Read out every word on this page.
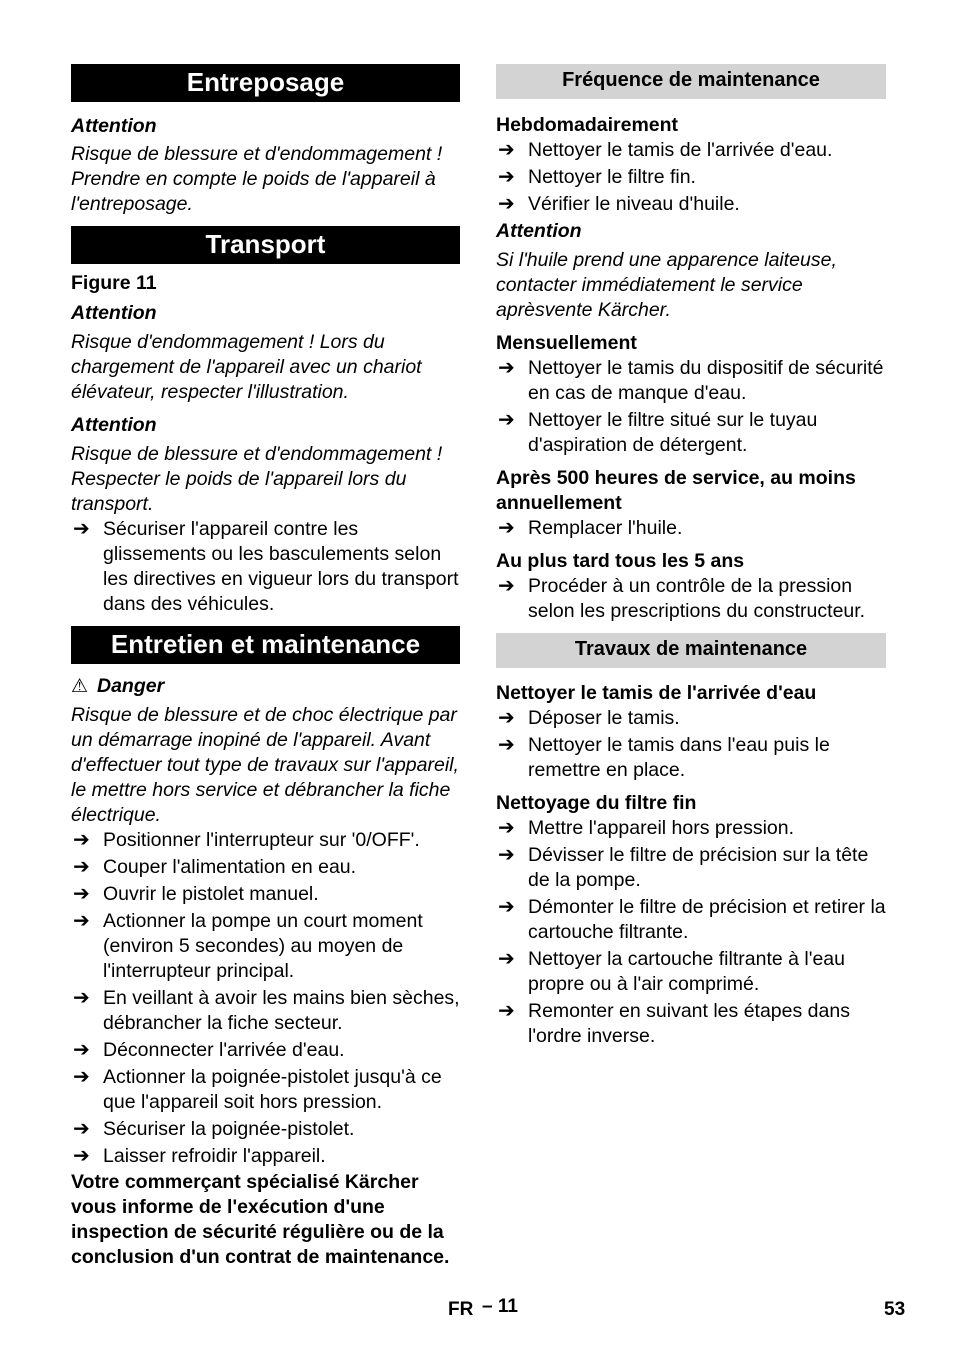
Entreposage

Attention

Risque de blessure et d'endommagement ! Prendre en compte le poids de l'appareil à l'entreposage.

Transport

Figure 11

Attention

Risque d'endommagement ! Lors du chargement de l'appareil avec un chariot élévateur, respecter l'illustration.

Attention

Risque de blessure et d'endommagement ! Respecter le poids de l'appareil lors du transport.

➔ Sécuriser l'appareil contre les glissements ou les basculements selon les directives en vigueur lors du transport dans des véhicules.
Entretien et maintenance
⚠ Danger

Risque de blessure et de choc électrique par un démarrage inopiné de l'appareil. Avant d'effectuer tout type de travaux sur l'appareil, le mettre hors service et débrancher la fiche électrique.

➔ Positionner l'interrupteur sur '0/OFF'.
➔ Couper l'alimentation en eau.
➔ Ouvrir le pistolet manuel.
➔ Actionner la pompe un court moment (environ 5 secondes) au moyen de l'interrupteur principal.
➔ En veillant à avoir les mains bien sèches, débrancher la fiche secteur.
➔ Déconnecter l'arrivée d'eau.
➔ Actionner la poignée-pistolet jusqu'à ce que l'appareil soit hors pression.
➔ Sécuriser la poignée-pistolet.
➔ Laisser refroidir l'appareil.

Votre commerçant spécialisé Kärcher vous informe de l'exécution d'une inspection de sécurité régulière ou de la conclusion d'un contrat de maintenance.

Fréquence de maintenance

Hebdomadairement

➔ Nettoyer le tamis de l'arrivée d'eau.
➔ Nettoyer le filtre fin.
➔ Vérifier le niveau d'huile.

Attention

Si l'huile prend une apparence laiteuse, contacter immédiatement le service aprèsvente Kärcher.

Mensuellement

➔ Nettoyer le tamis du dispositif de sécurité en cas de manque d'eau.
➔ Nettoyer le filtre situé sur le tuyau d'aspiration de détergent.

Après 500 heures de service, au moins annuellement

➔ Remplacer l'huile.

Au plus tard tous les 5 ans

➔ Procéder à un contrôle de la pression selon les prescriptions du constructeur.
Travaux de maintenance

Nettoyer le tamis de l'arrivée d'eau

➔ Déposer le tamis.
➔ Nettoyer le tamis dans l'eau puis le remettre en place.

Nettoyage du filtre fin

➔ Mettre l'appareil hors pression.
➔ Dévisser le filtre de précision sur la tête de la pompe.
➔ Démonter le filtre de précision et retirer la cartouche filtrante.
➔ Nettoyer la cartouche filtrante à l'eau propre ou à l'air comprimé.
➔ Remonter en suivant les étapes dans l'ordre inverse.
FR – 11	53
